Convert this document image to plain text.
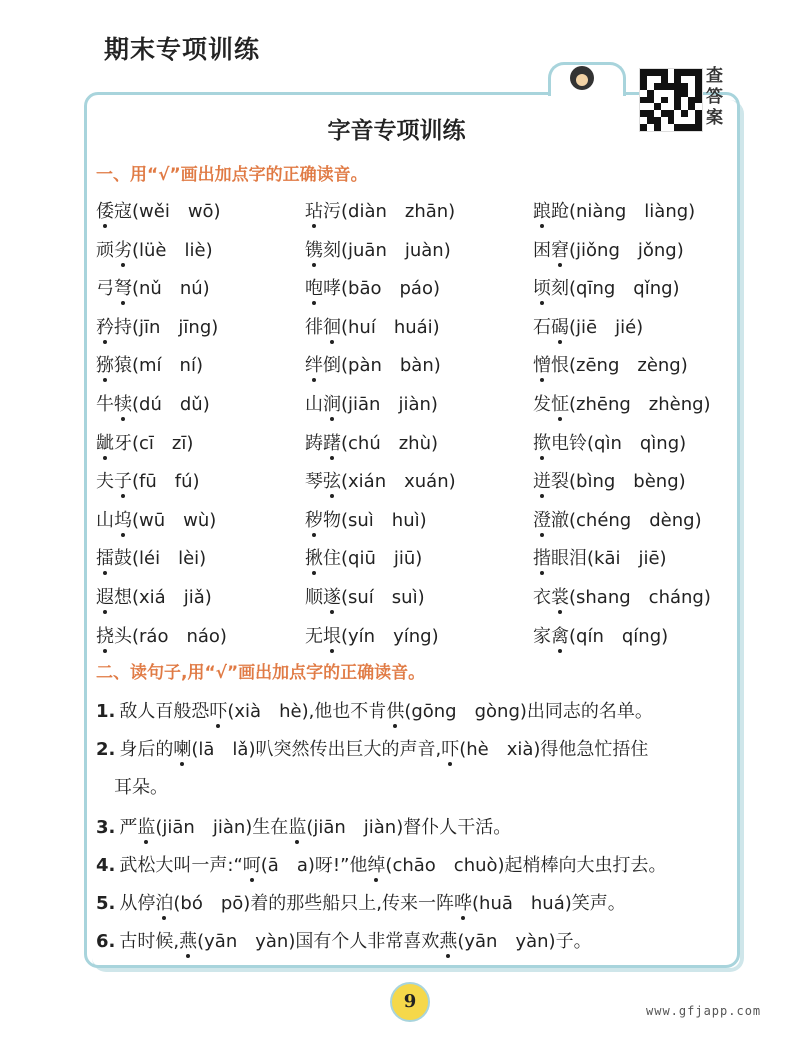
期末专项训练
查答案
字音专项训练
一、用“√”画出加点字的正确读音。
倭寇(wěi　wō)	玷污(diàn　zhān)	踉跄(niàng　liàng)
顽劣(lüè　liè)	镌刻(juān　juàn)	困窘(jiǒng　jǒng)
弓弩(nǔ　nú)	咆哮(bāo　páo)	顷刻(qīng　qǐng)
矜持(jīn　jīng)	徘徊(huí　huái)	石碣(jiē　jié)
猕猿(mí　ní)	绊倒(pàn　bàn)	憎恨(zēng　zèng)
牛犊(dú　dǔ)	山涧(jiān　jiàn)	发怔(zhēng　zhèng)
龇牙(cī　zī)	踌躇(chú　zhù)	揿电铃(qìn　qìng)
夫子(fū　fú)	琴弦(xián　xuán)	迸裂(bìng　bèng)
山坞(wū　wù)	秽物(suì　huì)	澄澈(chéng　dèng)
擂鼓(léi　lèi)	揪住(qiū　jiū)	揩眼泪(kāi　jiē)
遐想(xiá　jiǎ)	顺遂(suí　suì)	衣裳(shang　cháng)
挠头(ráo　náo)	无垠(yín　yíng)	家禽(qín　qíng)
二、读句子,用“√”画出加点字的正确读音。
1. 敌人百般恐吓(xià　hè),他也不肯供(gōng　gòng)出同志的名单。
2. 身后的喇(lā　lǎ)叭突然传出巨大的声音,吓(hè　xià)得他急忙捂住
耳朵。
3. 严监(jiān　jiàn)生在监(jiān　jiàn)督仆人干活。
4. 武松大叫一声:“呵(ā　a)呀!”他绰(chāo　chuò)起梢棒向大虫打去。
5. 从停泊(bó　pō)着的那些船只上,传来一阵哗(huā　huá)笑声。
6. 古时候,燕(yān　yàn)国有个人非常喜欢燕(yān　yàn)子。
9	www.gfjapp.com
